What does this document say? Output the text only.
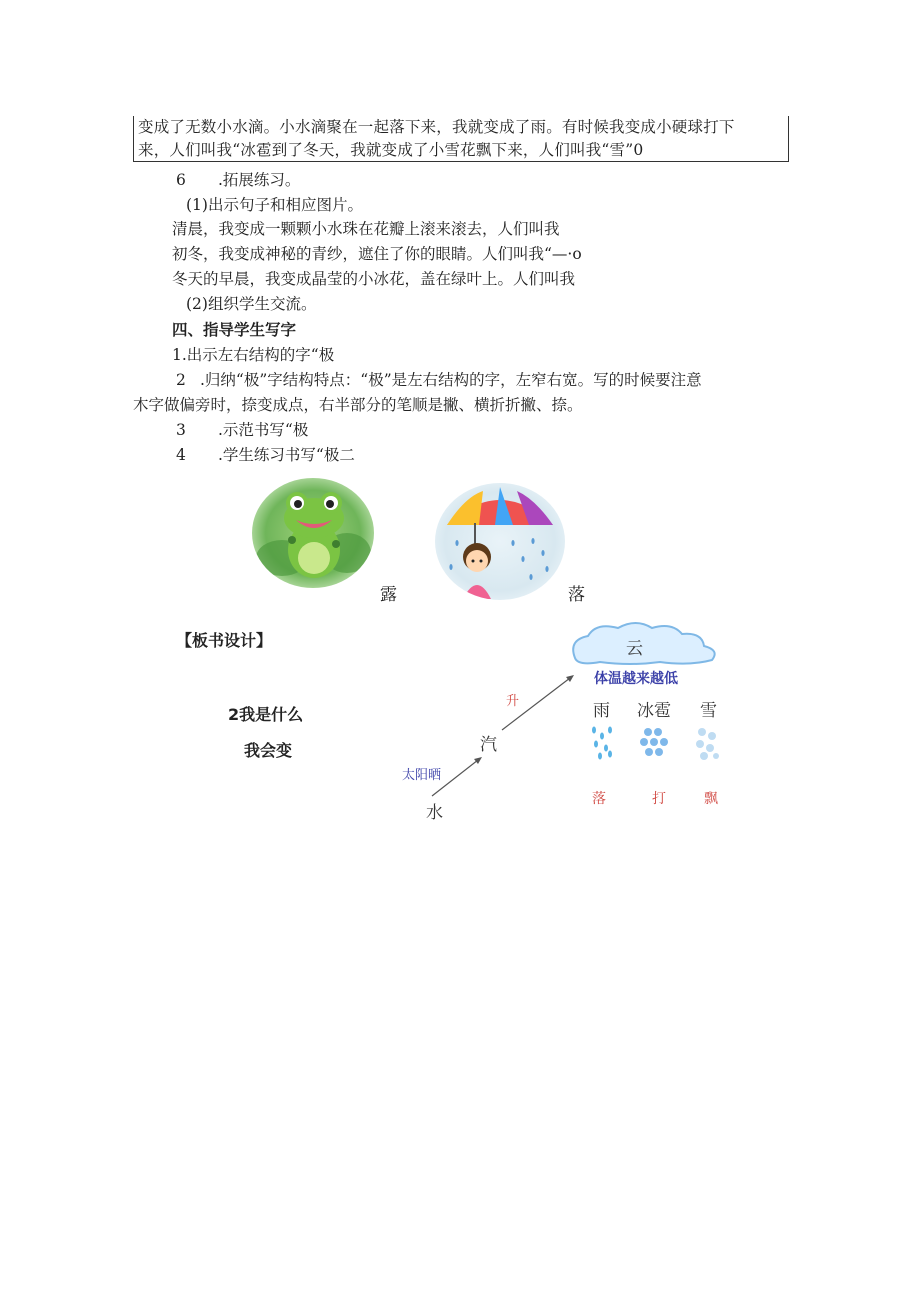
变成了无数小水滴。小水滴聚在一起落下来，我就变成了雨。有时候我变成小硬球打下
来，人们叫我“冰雹到了冬天，我就变成了小雪花飘下来，人们叫我“雪”0
6 .拓展练习。
(1)出示句子和相应图片。
清晨，我变成一颗颗小水珠在花瓣上滚来滚去，人们叫我
初冬，我变成神秘的青纱，遮住了你的眼睛。人们叫我“—·o
冬天的早晨，我变成晶莹的小冰花，盖在绿叶上。人们叫我
(2)组织学生交流。
四、指导学生写字
1.出示左右结构的字“极
2 .归纳“极”字结构特点：“极”是左右结构的字，左窄右宽。写的时候要注意
木字做偏旁时，捺变成点，右半部分的笔顺是撇、横折折撇、捺。
3 .示范书写“极
4 .学生练习书写“极二
露	落
【板书设计】
2我是什么
我会变
云
体温越来越低
雨 冰雹 雪
升
汽
太阳晒
水
落	打	飘
